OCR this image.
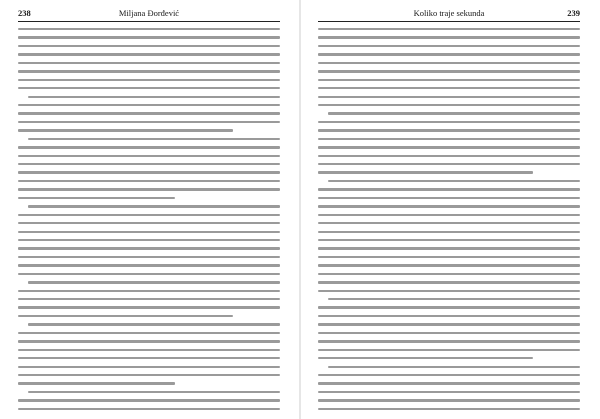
238	Miljana Đorđević	Koliko traje sekunda	239
